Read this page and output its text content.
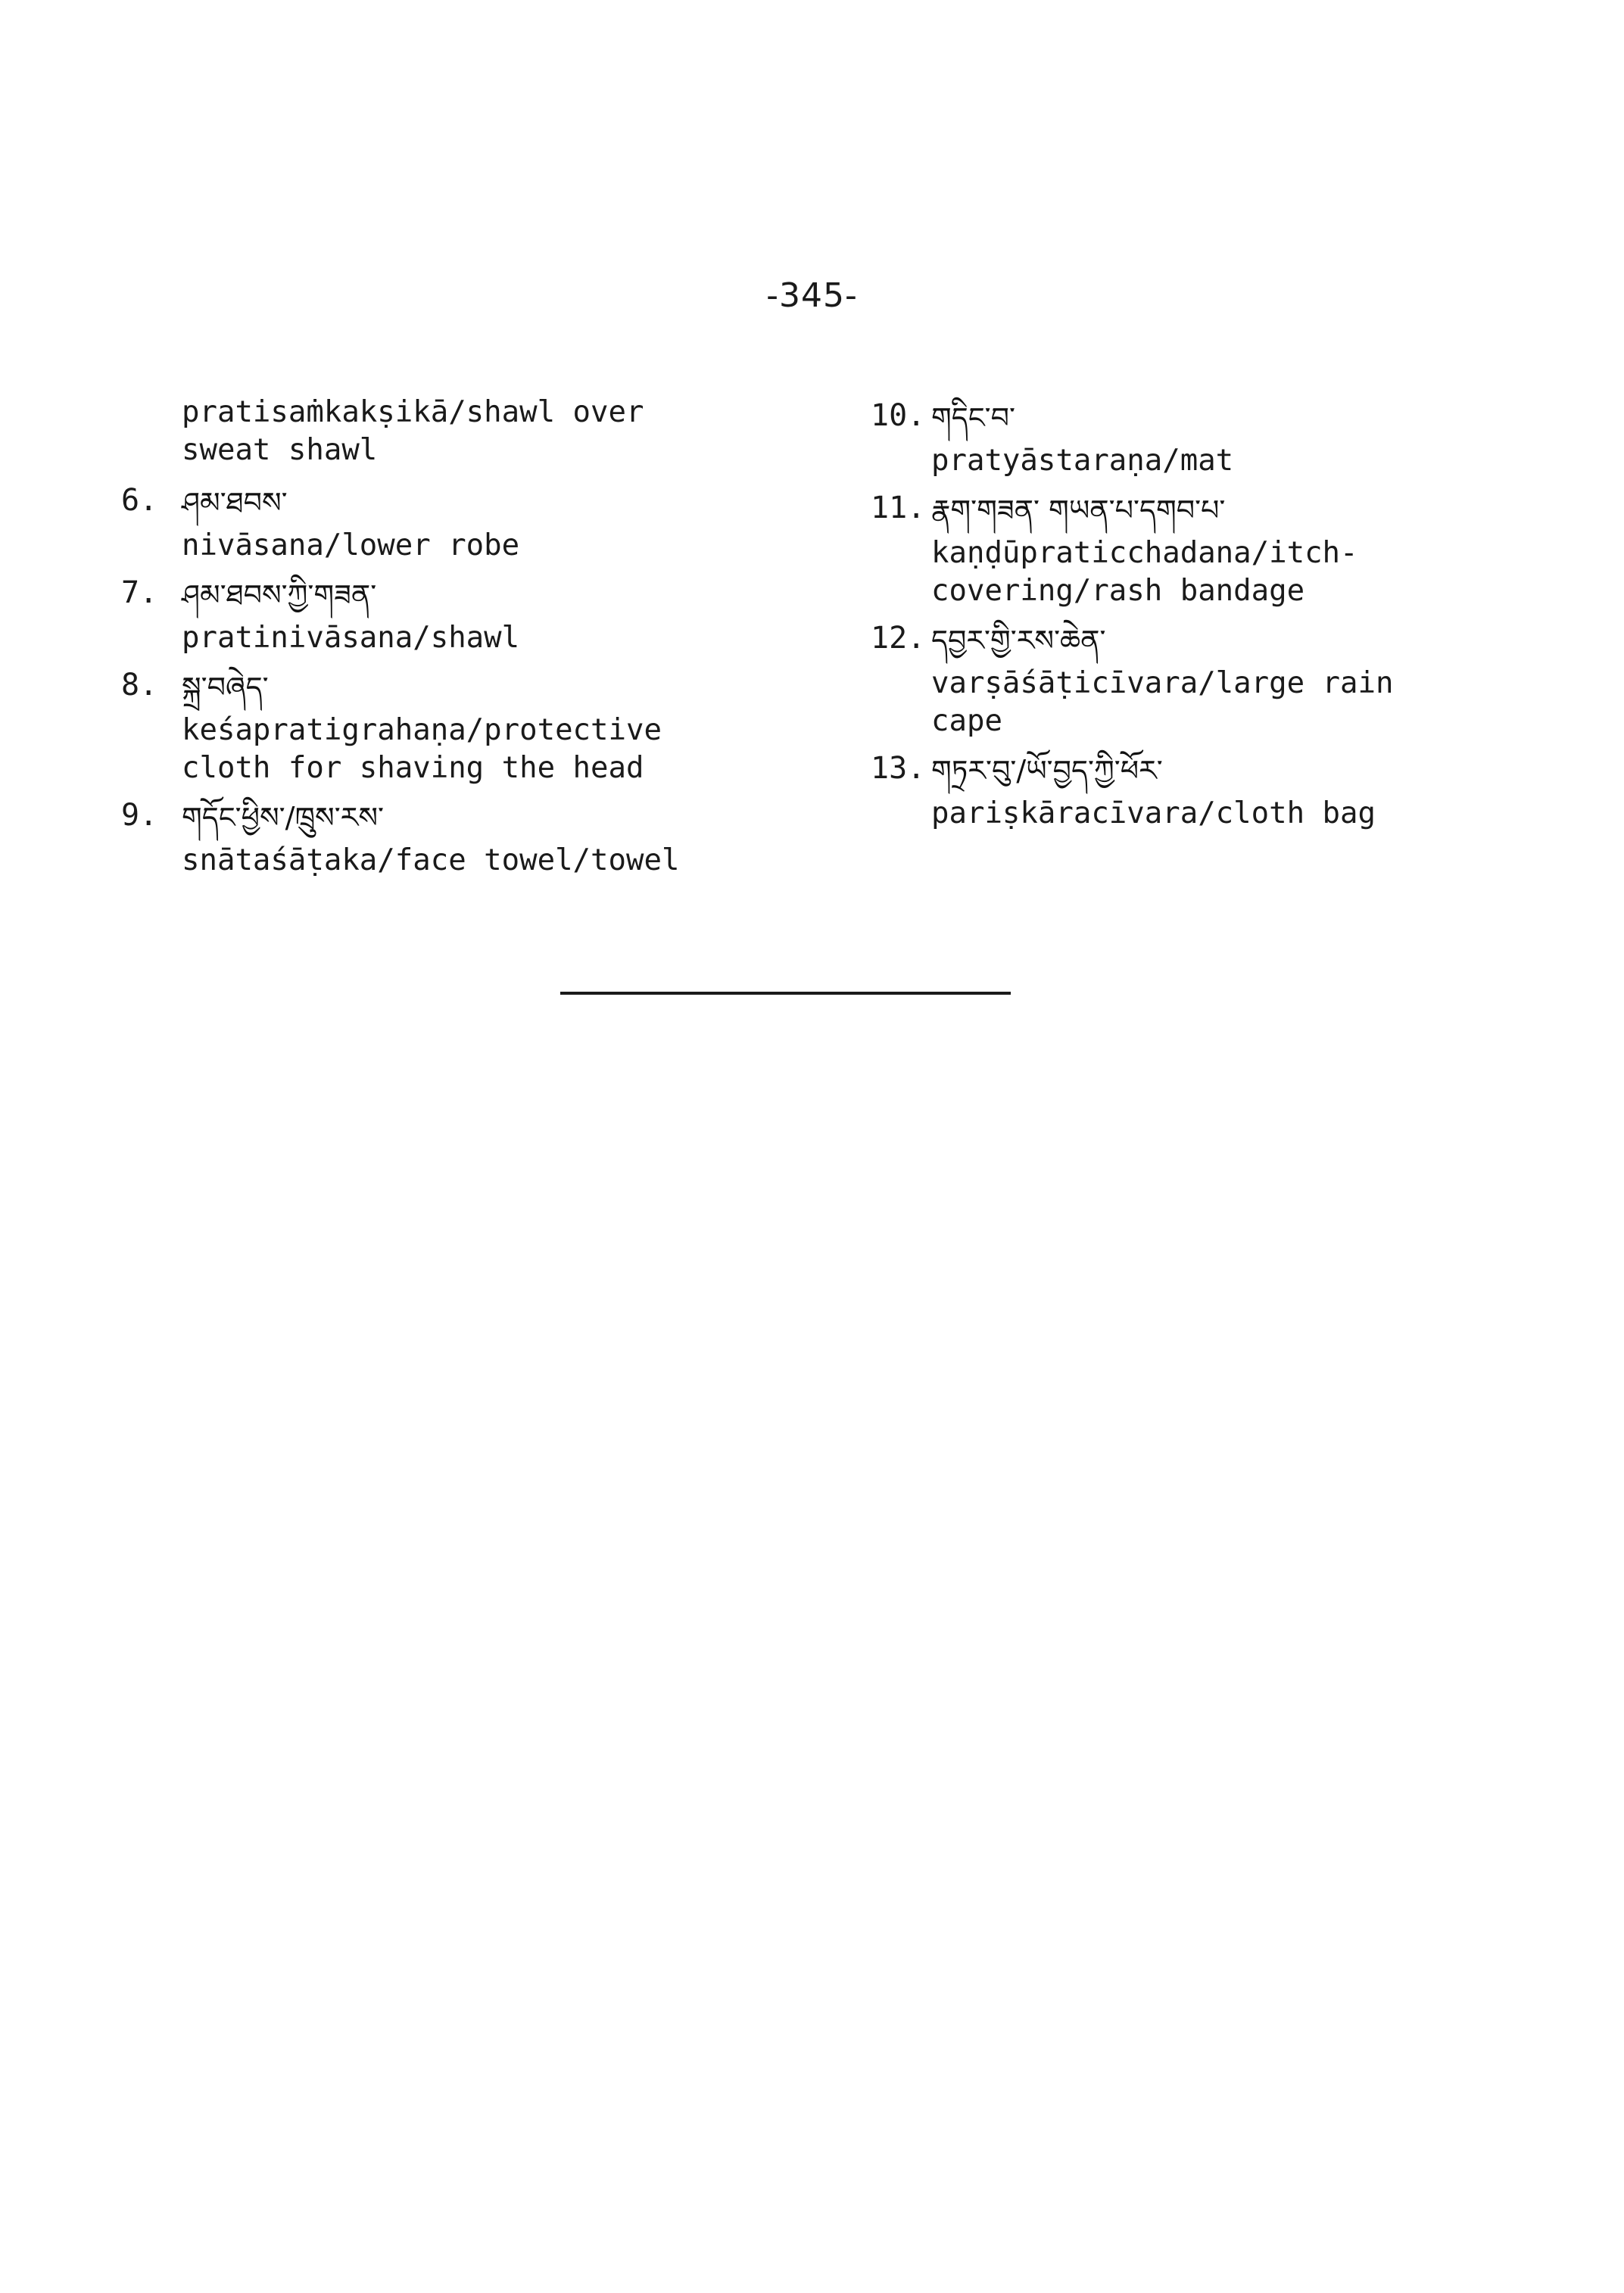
-345-
pratisaṁkakṣikā/shawl over
sweat shawl
6. ཤམ་ཐབས་
nivāsana/lower robe
7. ཤམ་ཐབས་ཀྱི་གཟན་
pratinivāsana/shawl
8. སྐྲ་བཞེད་
keśapratigrahaṇa/protective
cloth for shaving the head
9. གདོང་ཕྱིས་/ཁྲུས་རས་
snātaśāṭaka/face towel/towel
10. གདིང་བ་
pratyāstaraṇa/mat
11. རྣག་གཟན་ གཡན་པ་དགབ་པ་
kaṇḍūpraticchadana/itch-
covering/rash bandage
12. དབྱར་གྱི་རས་ཆེན་
varṣāśāṭicīvara/large rain
cape
13. གཏྲར་བུ་/ཡོ་བྱད་ཀྱི་ཕོར་
pariṣkāracīvara/cloth bag
